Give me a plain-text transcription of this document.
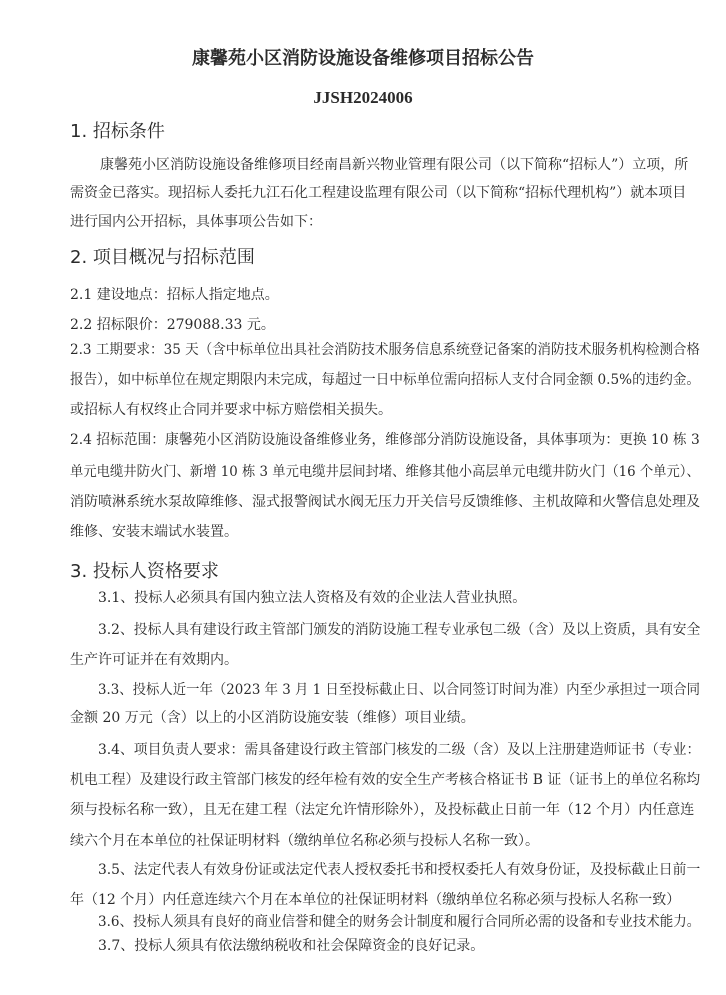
康馨苑小区消防设施设备维修项目招标公告
JJSH2024006
1. 招标条件
康馨苑小区消防设施设备维修项目经南昌新兴物业管理有限公司（以下简称“招标人”）立项，所
需资金已落实。现招标人委托九江石化工程建设监理有限公司（以下简称“招标代理机构”）就本项目
进行国内公开招标，具体事项公告如下：
2. 项目概况与招标范围
2.1 建设地点：招标人指定地点。
2.2 招标限价：279088.33 元。
2.3 工期要求：35 天（含中标单位出具社会消防技术服务信息系统登记备案的消防技术服务机构检测合格
报告），如中标单位在规定期限内未完成，每超过一日中标单位需向招标人支付合同金额 0.5%的违约金。
或招标人有权终止合同并要求中标方赔偿相关损失。
2.4 招标范围：康馨苑小区消防设施设备维修业务，维修部分消防设施设备，具体事项为：更换 10 栋 3
单元电缆井防火门、新增 10 栋 3 单元电缆井层间封堵、维修其他小高层单元电缆井防火门（16 个单元）、
消防喷淋系统水泵故障维修、湿式报警阀试水阀无压力开关信号反馈维修、主机故障和火警信息处理及
维修、安装末端试水装置。
3. 投标人资格要求
3.1、投标人必须具有国内独立法人资格及有效的企业法人营业执照。
3.2、投标人具有建设行政主管部门颁发的消防设施工程专业承包二级（含）及以上资质，具有安全
生产许可证并在有效期内。
3.3、投标人近一年（2023 年 3 月 1 日至投标截止日、以合同签订时间为准）内至少承担过一项合同
金额 20 万元（含）以上的小区消防设施安装（维修）项目业绩。
3.4、项目负责人要求：需具备建设行政主管部门核发的二级（含）及以上注册建造师证书（专业：
机电工程）及建设行政主管部门核发的经年检有效的安全生产考核合格证书 B 证（证书上的单位名称均
须与投标名称一致），且无在建工程（法定允许情形除外），及投标截止日前一年（12 个月）内任意连
续六个月在本单位的社保证明材料（缴纳单位名称必须与投标人名称一致）。
3.5、法定代表人有效身份证或法定代表人授权委托书和授权委托人有效身份证，及投标截止日前一
年（12 个月）内任意连续六个月在本单位的社保证明材料（缴纳单位名称必须与投标人名称一致）
3.6、投标人须具有良好的商业信誉和健全的财务会计制度和履行合同所必需的设备和专业技术能力。
3.7、投标人须具有依法缴纳税收和社会保障资金的良好记录。
